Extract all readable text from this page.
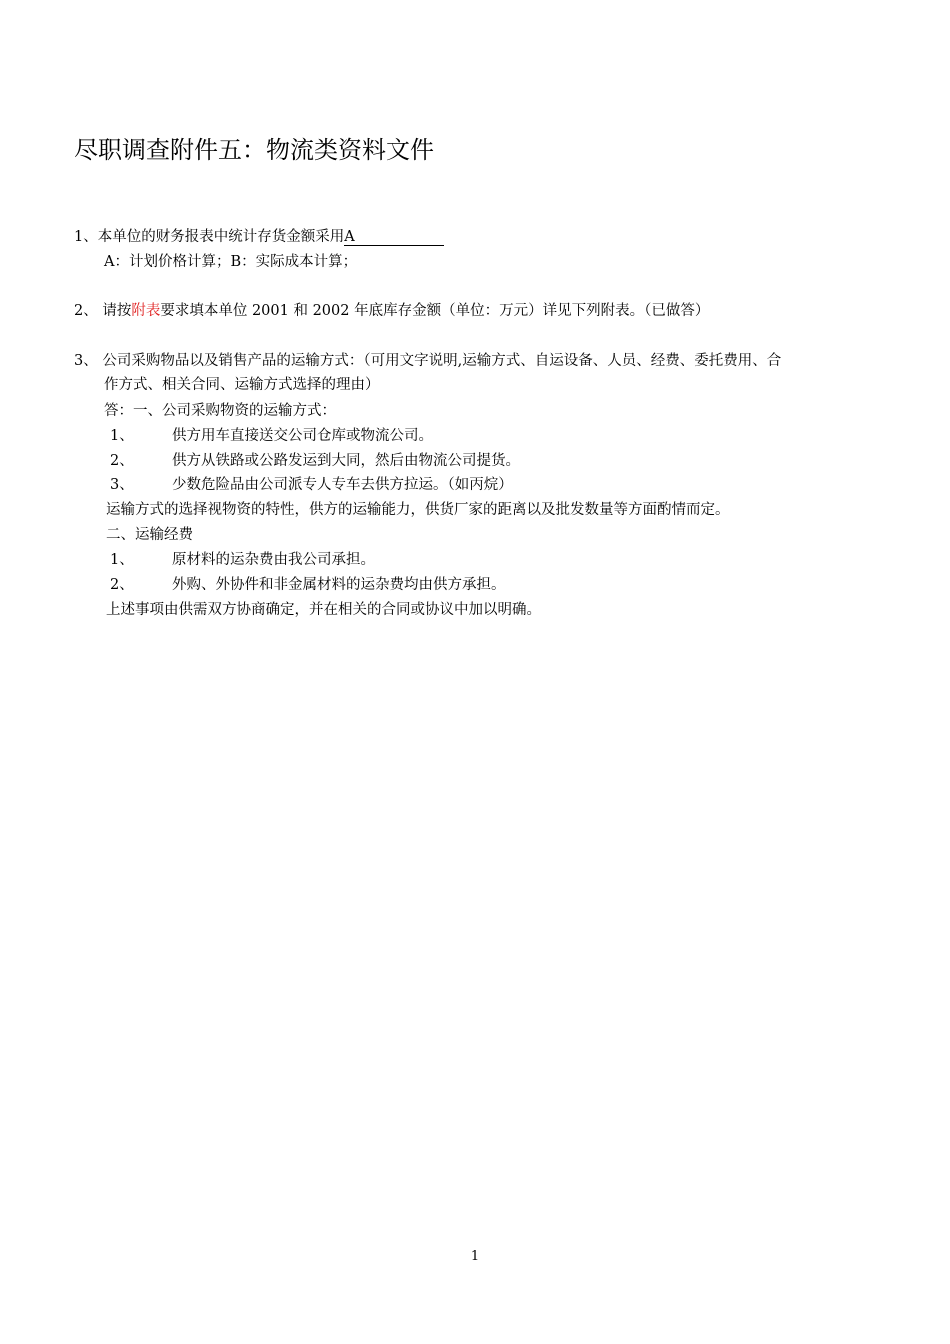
尽职调查附件五：物流类资料文件
1、本单位的财务报表中统计存货金额采用A
A：计划价格计算；B：实际成本计算；
2、 请按附表要求填本单位 2001 和 2002 年底库存金额（单位：万元）详见下列附表。（已做答）
3、 公司采购物品以及销售产品的运输方式：（可用文字说明,运输方式、自运设备、人员、经费、委托费用、合
作方式、相关合同、运输方式选择的理由）
答：一、公司采购物资的运输方式：
1、	供方用车直接送交公司仓库或物流公司。
2、	供方从铁路或公路发运到大同，然后由物流公司提货。
3、	少数危险品由公司派专人专车去供方拉运。（如丙烷）
运输方式的选择视物资的特性，供方的运输能力，供货厂家的距离以及批发数量等方面酌情而定。
二、运输经费
1、	原材料的运杂费由我公司承担。
2、	外购、外协件和非金属材料的运杂费均由供方承担。
上述事项由供需双方协商确定，并在相关的合同或协议中加以明确。
1
